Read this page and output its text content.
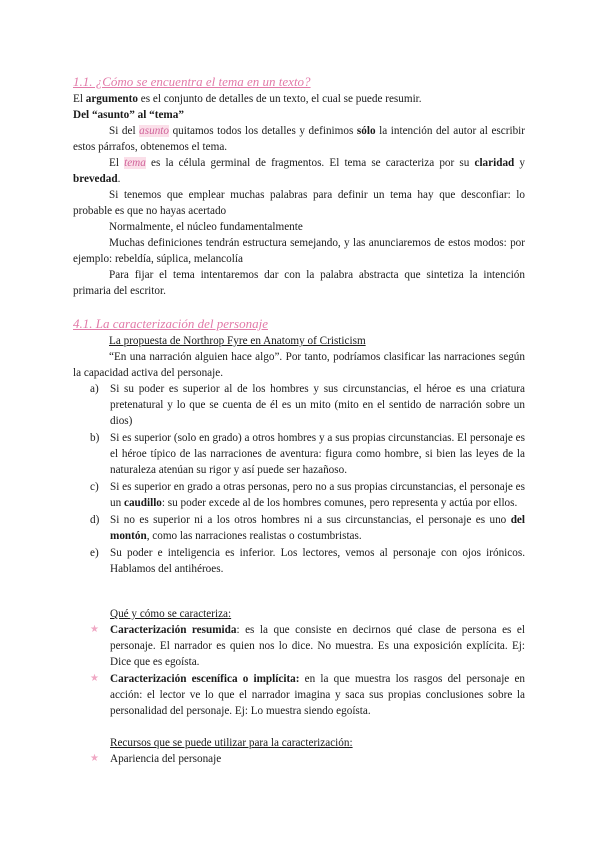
1.1. ¿Cómo se encuentra el tema en un texto?

El argumento es el conjunto de detalles de un texto, el cual se puede resumir.

Del “asunto” al “tema”

Si del asunto quitamos todos los detalles y definimos sólo la intención del autor al escribir estos párrafos, obtenemos el tema.

El tema es la célula germinal de fragmentos. El tema se caracteriza por su claridad y brevedad.

Si tenemos que emplear muchas palabras para definir un tema hay que desconfiar: lo probable es que no hayas acertado

Normalmente, el núcleo fundamentalmente

Muchas definiciones tendrán estructura semejando, y las anunciaremos de estos modos: por ejemplo: rebeldía, súplica, melancolía

Para fijar el tema intentaremos dar con la palabra abstracta que sintetiza la intención primaria del escritor.

4.1. La caracterización del personaje

La propuesta de Northrop Fyre en Anatomy of Cristicism

“En una narración alguien hace algo”. Por tanto, podríamos clasificar las narraciones según la capacidad activa del personaje.

a) Si su poder es superior al de los hombres y sus circunstancias, el héroe es una criatura pretenatural y lo que se cuenta de él es un mito (mito en el sentido de narración sobre un dios)
b) Si es superior (solo en grado) a otros hombres y a sus propias circunstancias. El personaje es el héroe típico de las narraciones de aventura: figura como hombre, si bien las leyes de la naturaleza atenúan su rigor y así puede ser hazañoso.
c) Si es superior en grado a otras personas, pero no a sus propias circunstancias, el personaje es un caudillo: su poder excede al de los hombres comunes, pero representa y actúa por ellos.
d) Si no es superior ni a los otros hombres ni a sus circunstancias, el personaje es uno del montón, como las narraciones realistas o costumbristas.
e) Su poder e inteligencia es inferior. Los lectores, vemos al personaje con ojos irónicos. Hablamos del antihéroes.

Qué y cómo se caracteriza:

★ Caracterización resumida: es la que consiste en decirnos qué clase de persona es el personaje. El narrador es quien nos lo dice. No muestra. Es una exposición explícita. Ej: Dice que es egoísta.
★ Caracterización escenífica o implícita: en la que muestra los rasgos del personaje en acción: el lector ve lo que el narrador imagina y saca sus propias conclusiones sobre la personalidad del personaje. Ej: Lo muestra siendo egoísta.

Recursos que se puede utilizar para la caracterización:

★ Apariencia del personaje
